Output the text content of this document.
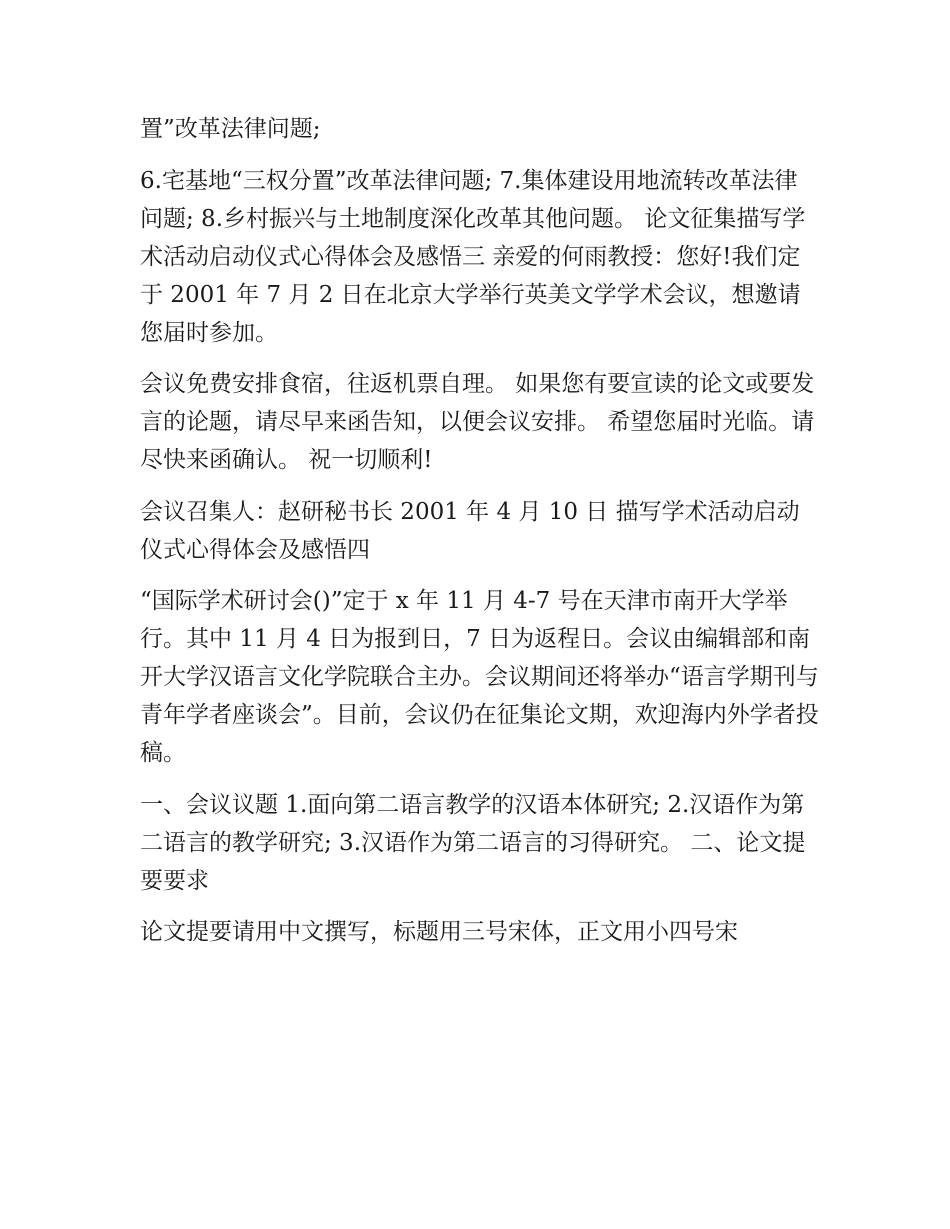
置”改革法律问题;

6.宅基地“三权分置”改革法律问题; 7.集体建设用地流转改革法律问题; 8.乡村振兴与土地制度深化改革其他问题。 论文征集描写学术活动启动仪式心得体会及感悟三 亲爱的何雨教授：您好!我们定于 2001 年 7 月 2 日在北京大学举行英美文学学术会议，想邀请您届时参加。

会议免费安排食宿，往返机票自理。 如果您有要宣读的论文或要发言的论题，请尽早来函告知，以便会议安排。 希望您届时光临。请尽快来函确认。 祝一切顺利!

会议召集人：赵研秘书长 2001 年 4 月 10 日 描写学术活动启动仪式心得体会及感悟四

“国际学术研讨会()”定于 x 年 11 月 4-7 号在天津市南开大学举行。其中 11 月 4 日为报到日，7 日为返程日。会议由编辑部和南开大学汉语言文化学院联合主办。会议期间还将举办“语言学期刊与青年学者座谈会”。目前，会议仍在征集论文期，欢迎海内外学者投稿。

一、会议议题 1.面向第二语言教学的汉语本体研究; 2.汉语作为第二语言的教学研究; 3.汉语作为第二语言的习得研究。 二、论文提要要求

论文提要请用中文撰写，标题用三号宋体，正文用小四号宋
